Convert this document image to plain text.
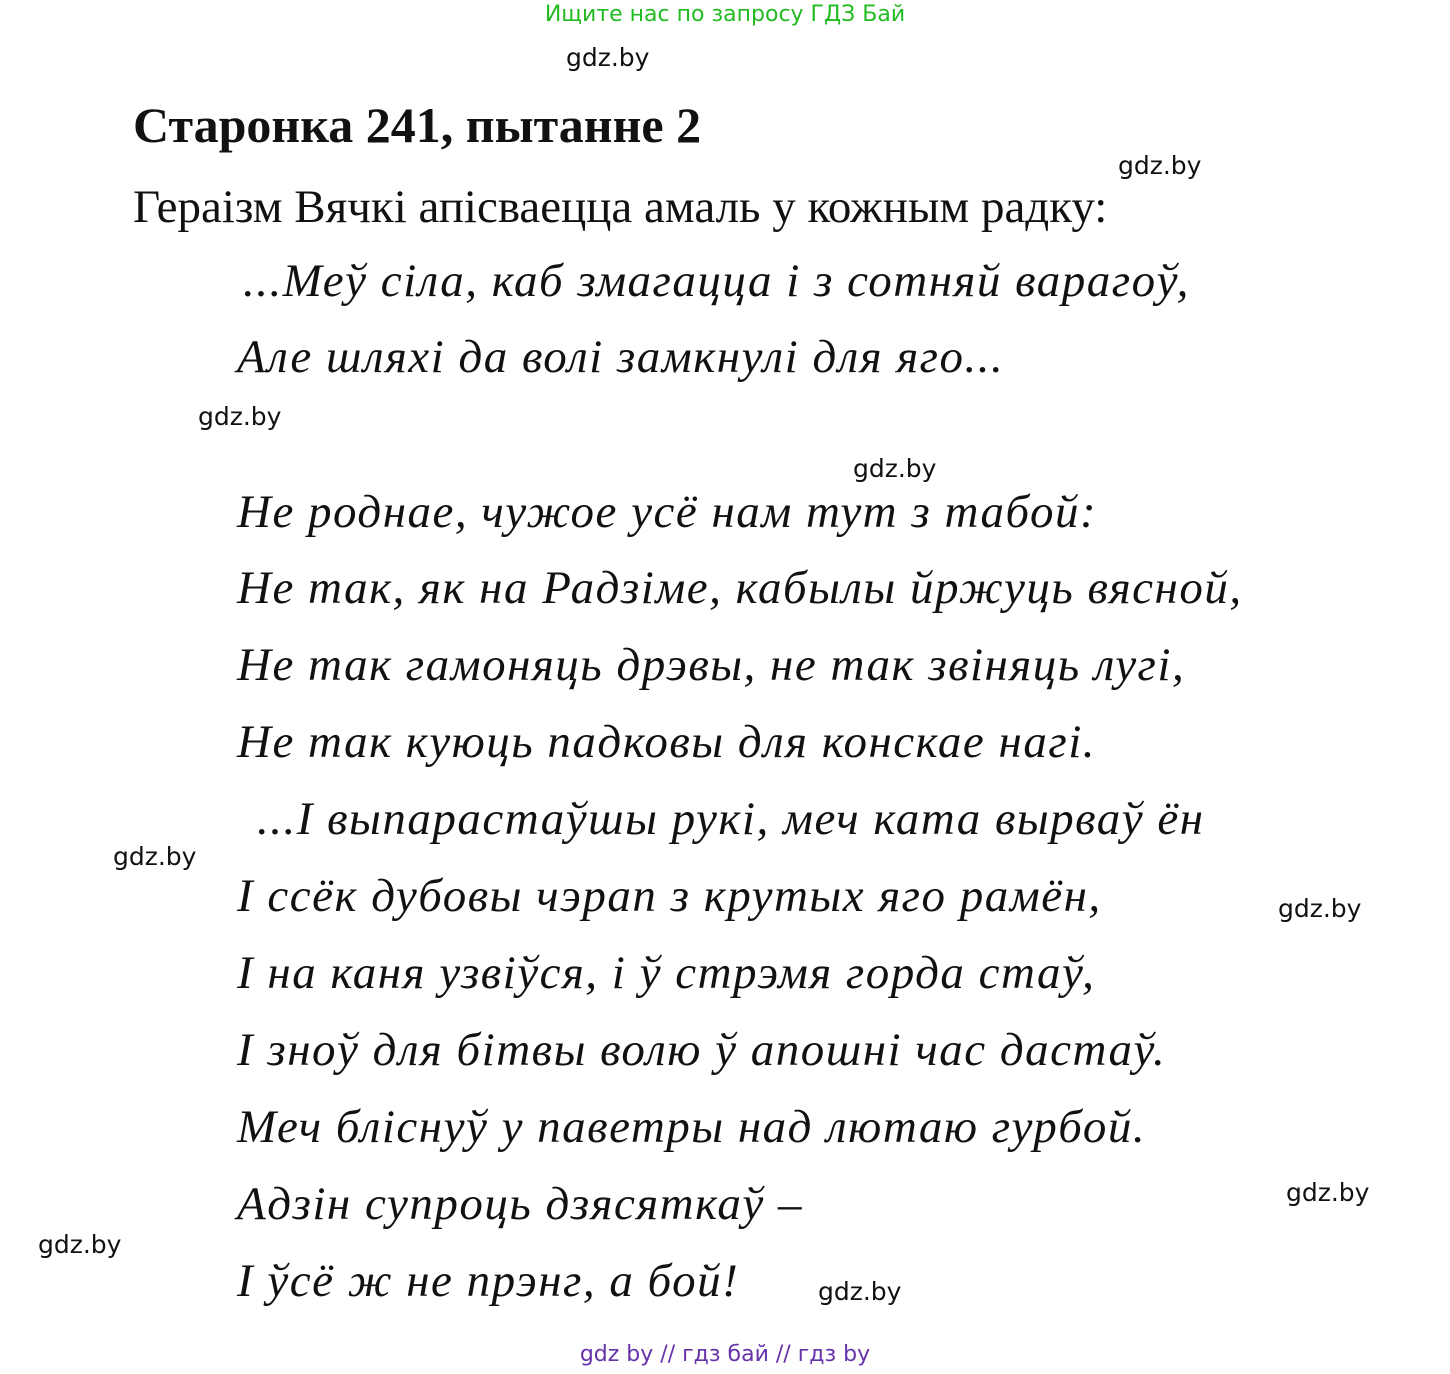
Ищите нас по запросу ГДЗ Бай
Старонка 241, пытанне 2
Гераізм Вячкі апісваецца амаль у кожным радку:
...Меў сіла, каб змагацца і з сотняй варагоў,
Але шляхі да волі замкнулі для яго...
Не роднае, чужое усё нам тут з табой:
Не так, як на Радзіме, кабылы йржуць вясной,
Не так гамоняць дрэвы, не так звіняць лугі,
Не так куюць падковы для конскае нагі.
...І выпарастаўшы рукі, меч ката вырваў ён
І ссёк дубовы чэрап з крутых яго рамён,
І на каня узвіўся, і ў стрэмя горда стаў,
І зноў для бітвы волю ў апошні час дастаў.
Меч бліснуў у паветры над лютаю гурбой.
Адзін супроць дзясяткаў –
І ўсё ж не прэнг, а бой!
gdz.by
gdz.by
gdz.by
gdz.by
gdz.by
gdz.by
gdz.by
gdz.by
gdz.by
gdz by // гдз бай // гдз by
